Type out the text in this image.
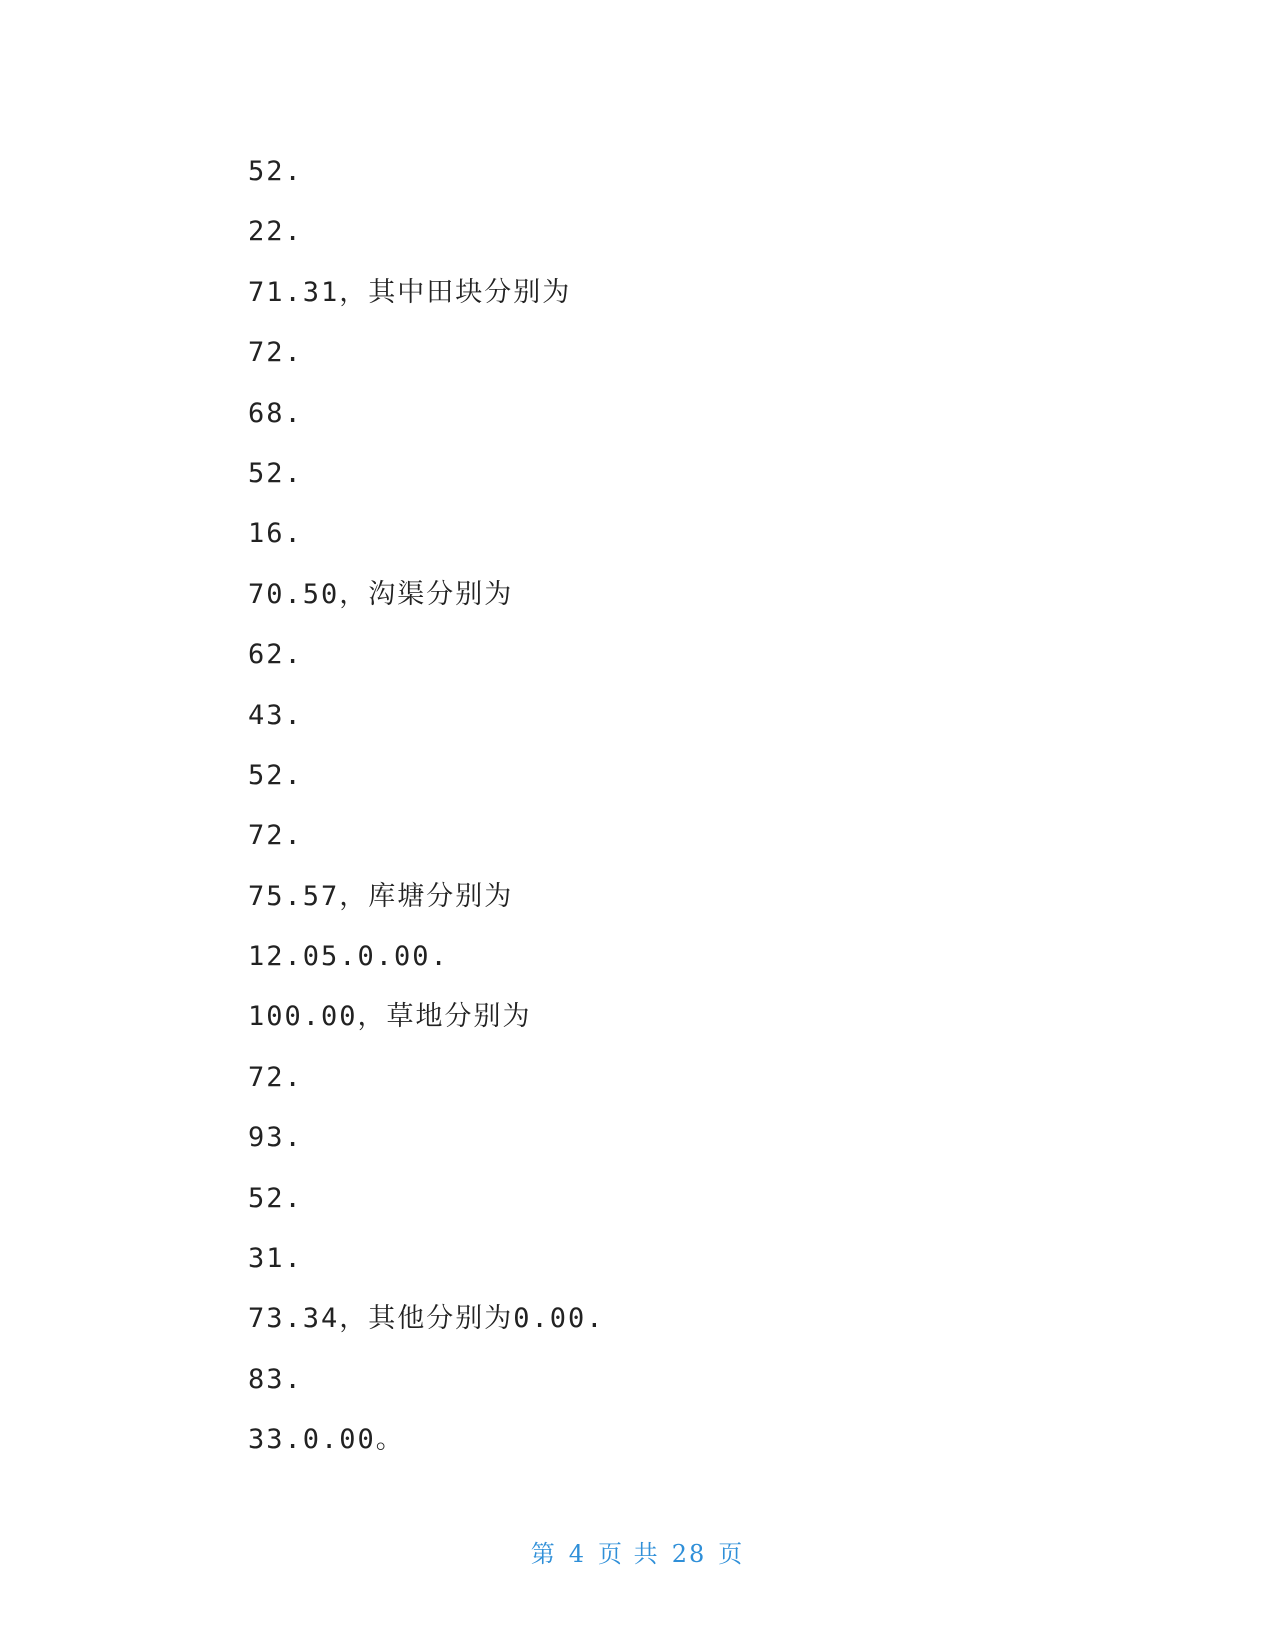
52.
22.
71.31，其中田块分别为
72.
68.
52.
16.
70.50，沟渠分别为
62.
43.
52.
72.
75.57，库塘分别为
12.05.0.00.
100.00，草地分别为
72.
93.
52.
31.
73.34，其他分别为0.00.
83.
33.0.00。
第 4 页 共 28 页
